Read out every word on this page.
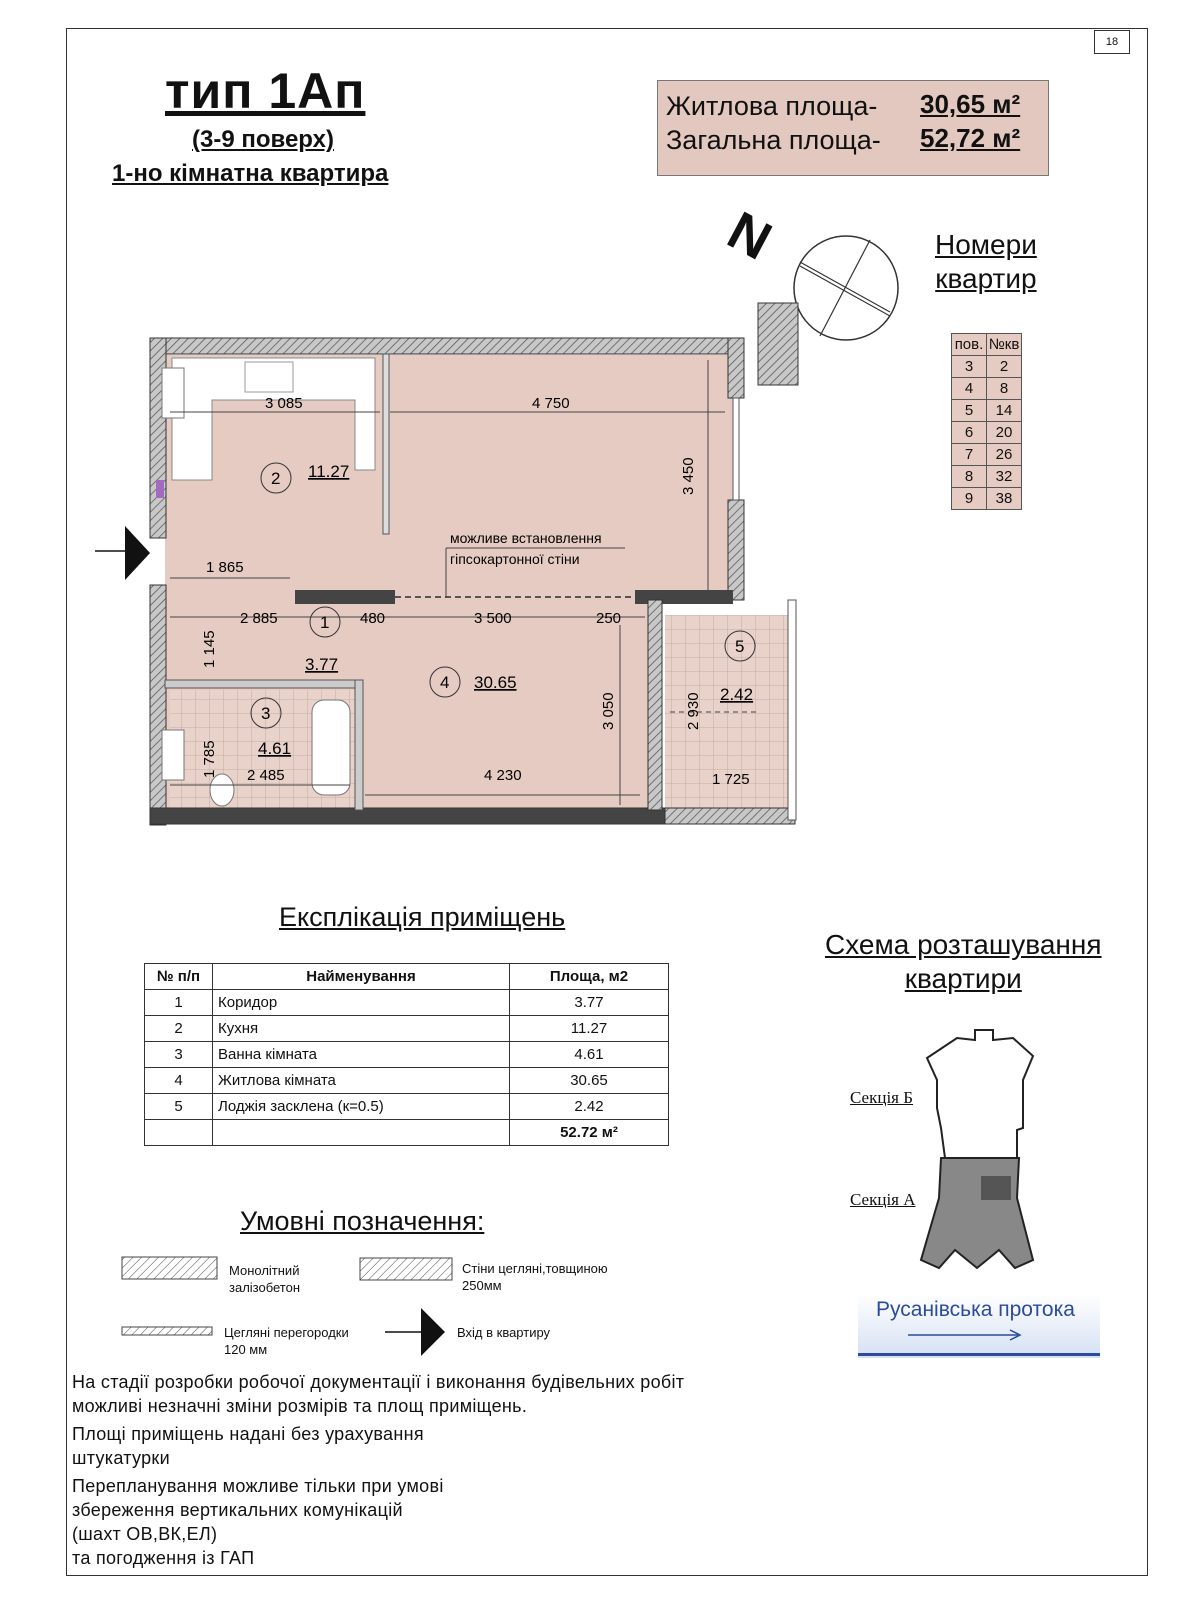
18
тип 1Ап
(3-9 поверх)
1-но кімнатна квартира
Житлова площа- 30,65 м²
Загальна площа- 52,72 м²
N	Номери
квартир
пов.	№кв
3	2
4	8
5	14
6	20
7	26
8	32
9	38
2 11.27
1
3.77
3
4.61
4 30.65
5
2.42
3 085	4 750
3 450
1 865
2 885	480	3 500	250
1 145
3 050	2 930
1 785 2 485	4 230	1 725
можливе встановлення
гіпсокартонної стіни
Експлікація приміщень
№ п/п	Найменування	Площа, м2
1	Коридор	3.77
2	Кухня	11.27
3	Ванна кімната	4.61
4	Житлова кімната	30.65
5	Лоджія засклена (к=0.5)	2.42
		52.72 м²
Умовні позначення:
Монолітний
залізобетон
Стіни цегляні,товщиною
250мм
Цегляні перегородки
120 мм
Вхід в квартиру
Схема розташування
квартири
Секція Б
Секція А
Русанівська протока
На стадії розробки робочої документації і виконання будівельних робіт
можливі незначні зміни розмірів та площ приміщень.
Площі приміщень надані без урахування
штукатурки
Перепланування можливе тільки при умові
збереження вертикальних комунікацій
(шахт ОВ,ВК,ЕЛ)
та погодження із ГАП
